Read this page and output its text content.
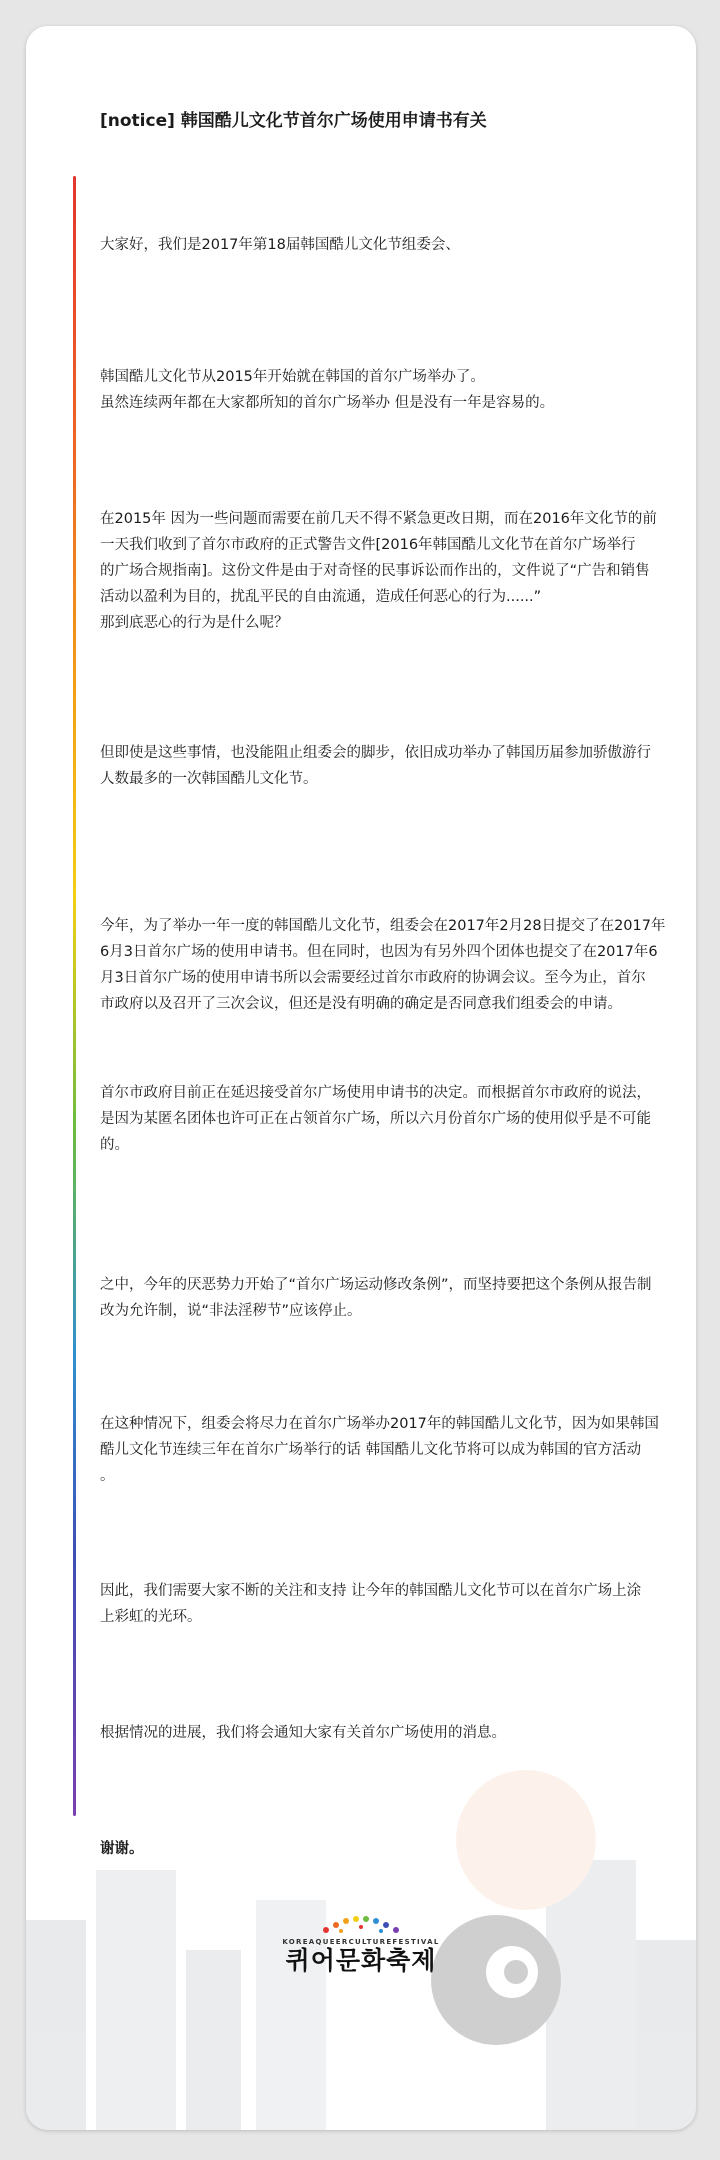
[notice] 韩国酷儿文化节首尔广场使用申请书有关
大家好，我们是2017年第18届韩国酷儿文化节组委会、
韩国酷儿文化节从2015年开始就在韩国的首尔广场举办了。
虽然连续两年都在大家都所知的首尔广场举办 但是没有一年是容易的。
在2015年 因为一些问题而需要在前几天不得不紧急更改日期，而在2016年文化节的前
一天我们收到了首尔市政府的正式警告文件[2016年韩国酷儿文化节在首尔广场举行
的广场合规指南]。这份文件是由于对奇怪的民事诉讼而作出的，文件说了“广告和销售
活动以盈利为目的，扰乱平民的自由流通，造成任何恶心的行为......”
那到底恶心的行为是什么呢？
但即使是这些事情，也没能阻止组委会的脚步，依旧成功举办了韩国历届参加骄傲游行
人数最多的一次韩国酷儿文化节。
今年，为了举办一年一度的韩国酷儿文化节，组委会在2017年2月28日提交了在2017年
6月3日首尔广场的使用申请书。但在同时，也因为有另外四个团体也提交了在2017年6
月3日首尔广场的使用申请书所以会需要经过首尔市政府的协调会议。至今为止，首尔
市政府以及召开了三次会议，但还是没有明确的确定是否同意我们组委会的申请。
首尔市政府目前正在延迟接受首尔广场使用申请书的决定。而根据首尔市政府的说法，
是因为某匿名团体也许可正在占领首尔广场，所以六月份首尔广场的使用似乎是不可能
的。
之中，今年的厌恶势力开始了“首尔广场运动修改条例”，而坚持要把这个条例从报告制
改为允许制，说“非法淫秽节”应该停止。
在这种情况下，组委会将尽力在首尔广场举办2017年的韩国酷儿文化节，因为如果韩国
酷儿文化节连续三年在首尔广场举行的话 韩国酷儿文化节将可以成为韩国的官方活动
。
因此，我们需要大家不断的关注和支持 让今年的韩国酷儿文化节可以在首尔广场上涂
上彩虹的光环。
根据情况的进展，我们将会通知大家有关首尔广场使用的消息。
谢谢。
KOREAQUEERCULTUREFESTIVAL
퀴어문화축제
